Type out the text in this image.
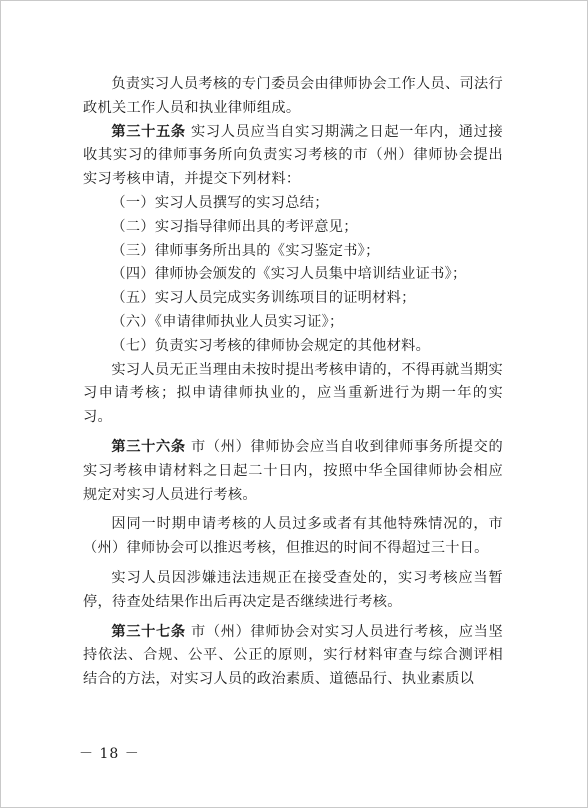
负责实习人员考核的专门委员会由律师协会工作人员、司法行政机关工作人员和执业律师组成。

第三十五条 实习人员应当自实习期满之日起一年内，通过接收其实习的律师事务所向负责实习考核的市（州）律师协会提出实习考核申请，并提交下列材料：

（一）实习人员撰写的实习总结；

（二）实习指导律师出具的考评意见；

（三）律师事务所出具的《实习鉴定书》；

（四）律师协会颁发的《实习人员集中培训结业证书》；

（五）实习人员完成实务训练项目的证明材料；

（六）《申请律师执业人员实习证》；

（七）负责实习考核的律师协会规定的其他材料。

实习人员无正当理由未按时提出考核申请的，不得再就当期实习申请考核；拟申请律师执业的，应当重新进行为期一年的实习。

第三十六条 市（州）律师协会应当自收到律师事务所提交的实习考核申请材料之日起二十日内，按照中华全国律师协会相应规定对实习人员进行考核。

因同一时期申请考核的人员过多或者有其他特殊情况的，市（州）律师协会可以推迟考核，但推迟的时间不得超过三十日。

实习人员因涉嫌违法违规正在接受查处的，实习考核应当暂停，待查处结果作出后再决定是否继续进行考核。

第三十七条 市（州）律师协会对实习人员进行考核，应当坚持依法、合规、公平、公正的原则，实行材料审查与综合测评相结合的方法，对实习人员的政治素质、道德品行、执业素质以

－ 18 －
